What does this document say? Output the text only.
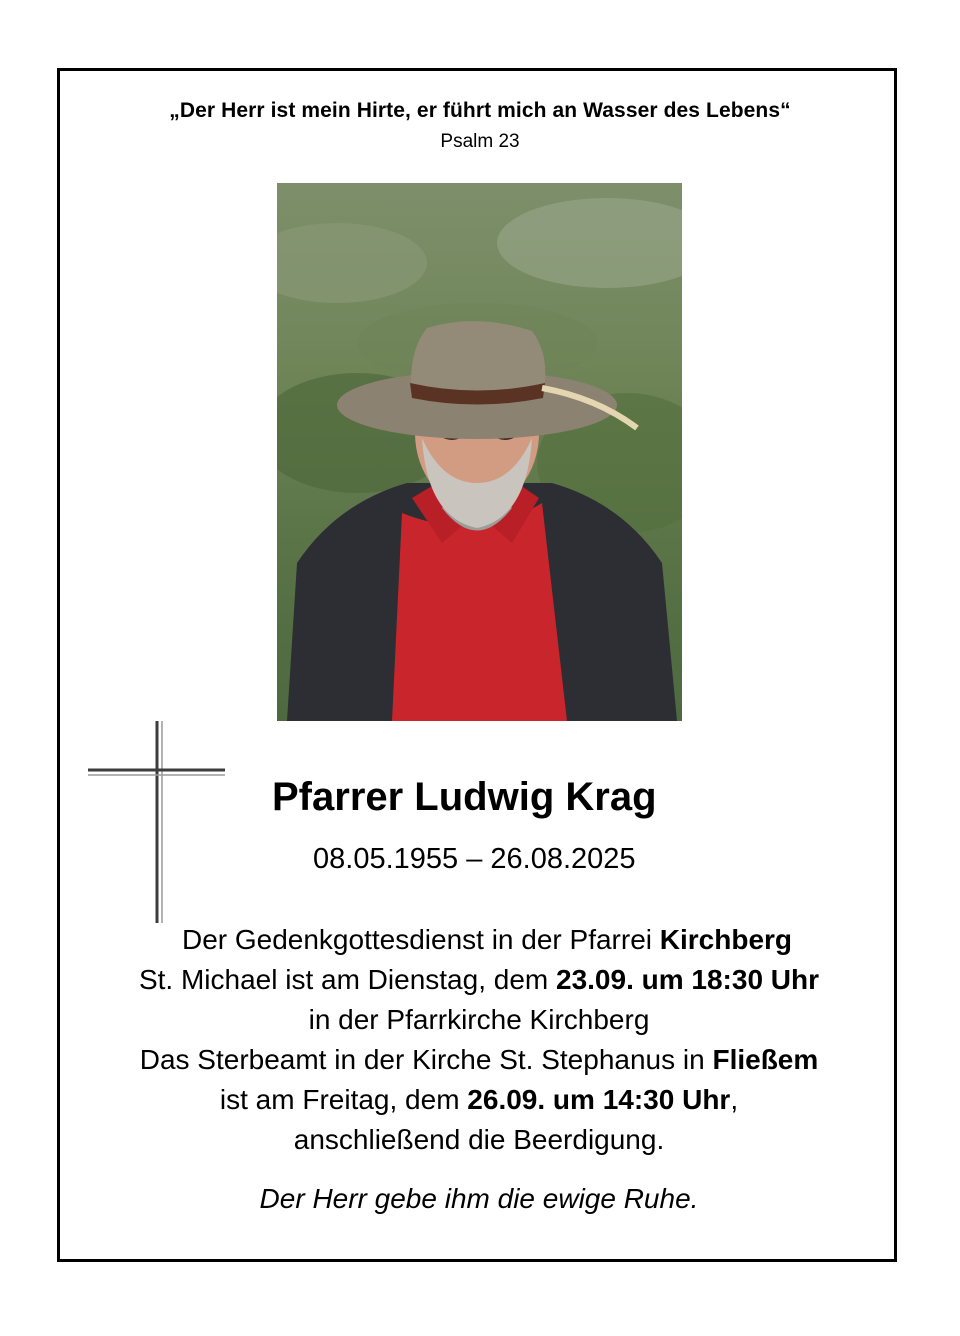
„Der Herr ist mein Hirte, er führt mich an Wasser des Lebens“
Psalm 23
Pfarrer Ludwig Krag
08.05.1955 – 26.08.2025
Der Gedenkgottesdienst in der Pfarrei Kirchberg
St. Michael ist am Dienstag, dem 23.09. um 18:30 Uhr
in der Pfarrkirche Kirchberg
Das Sterbeamt in der Kirche St. Stephanus in Fließem
ist am Freitag, dem 26.09. um 14:30 Uhr,
anschließend die Beerdigung.
Der Herr gebe ihm die ewige Ruhe.
